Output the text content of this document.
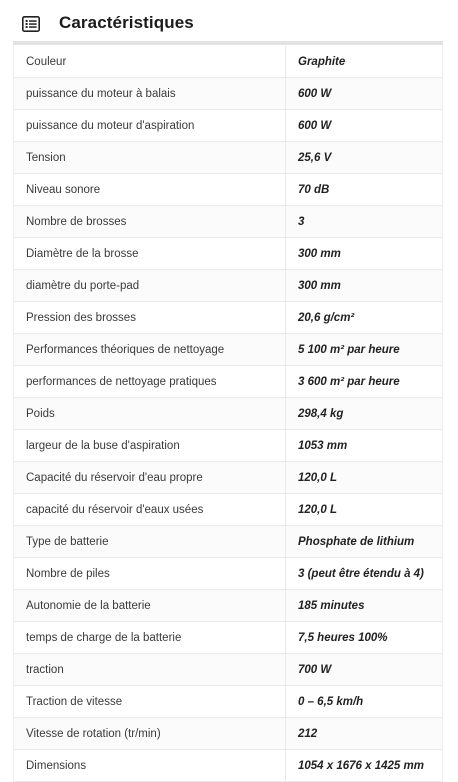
Caractéristiques
Couleur	Graphite
puissance du moteur à balais	600 W
puissance du moteur d'aspiration	600 W
Tension	25,6 V
Niveau sonore	70 dB
Nombre de brosses	3
Diamètre de la brosse	300 mm
diamètre du porte-pad	300 mm
Pression des brosses	20,6 g/cm²
Performances théoriques de nettoyage	5 100 m² par heure
performances de nettoyage pratiques	3 600 m² par heure
Poids	298,4 kg
largeur de la buse d'aspiration	1053 mm
Capacité du réservoir d'eau propre	120,0 L
capacité du réservoir d'eaux usées	120,0 L
Type de batterie	Phosphate de lithium
Nombre de piles	3 (peut être étendu à 4)
Autonomie de la batterie	185 minutes
temps de charge de la batterie	7,5 heures 100%
traction	700 W
Traction de vitesse	0 – 6,5 km/h
Vitesse de rotation (tr/min)	212
Dimensions	1054 x 1676 x 1425 mm
